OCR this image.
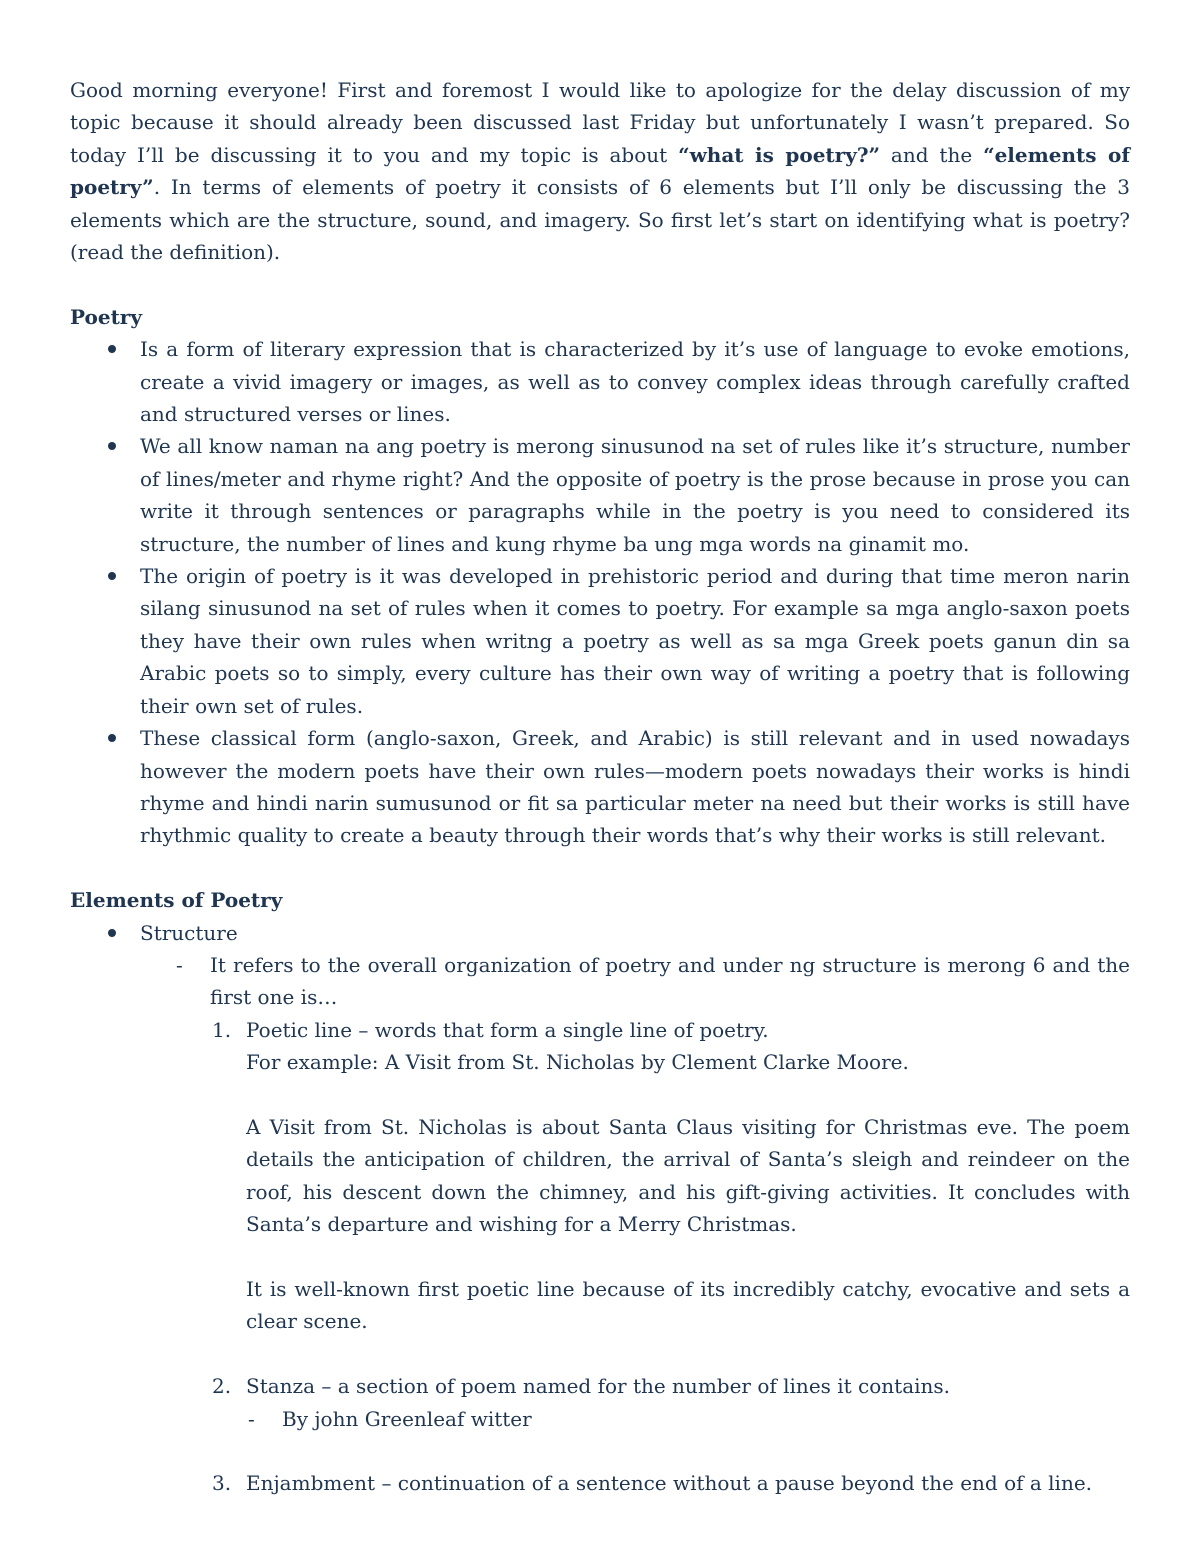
Good morning everyone! First and foremost I would like to apologize for the delay discussion of my topic because it should already been discussed last Friday but unfortunately I wasn’t prepared. So today I’ll be discussing it to you and my topic is about “what is poetry?” and the “elements of poetry”. In terms of elements of poetry it consists of 6 elements but I’ll only be discussing the 3 elements which are the structure, sound, and imagery. So first let’s start on identifying what is poetry? (read the definition).

Poetry
Is a form of literary expression that is characterized by it’s use of language to evoke emotions, create a vivid imagery or images, as well as to convey complex ideas through carefully crafted and structured verses or lines.
We all know naman na ang poetry is merong sinusunod na set of rules like it’s structure, number of lines/meter and rhyme right? And the opposite of poetry is the prose because in prose you can write it through sentences or paragraphs while in the poetry is you need to considered its structure, the number of lines and kung rhyme ba ung mga words na ginamit mo.
The origin of poetry is it was developed in prehistoric period and during that time meron narin silang sinusunod na set of rules when it comes to poetry. For example sa mga anglo-saxon poets they have their own rules when writng a poetry as well as sa mga Greek poets ganun din sa Arabic poets so to simply, every culture has their own way of writing a poetry that is following their own set of rules.
These classical form (anglo-saxon, Greek, and Arabic) is still relevant and in used nowadays however the modern poets have their own rules—modern poets nowadays their works is hindi rhyme and hindi narin sumusunod or fit sa particular meter na need but their works is still have rhythmic quality to create a beauty through their words that’s why their works is still relevant.
Elements of Poetry
Structure
- It refers to the overall organization of poetry and under ng structure is merong 6 and the first one is…
1. Poetic line – words that form a single line of poetry.
For example: A Visit from St. Nicholas by Clement Clarke Moore.
A Visit from St. Nicholas is about Santa Claus visiting for Christmas eve. The poem details the anticipation of children, the arrival of Santa’s sleigh and reindeer on the roof, his descent down the chimney, and his gift-giving activities. It concludes with Santa’s departure and wishing for a Merry Christmas.
It is well-known first poetic line because of its incredibly catchy, evocative and sets a clear scene.
2. Stanza – a section of poem named for the number of lines it contains.
- By john Greenleaf witter
3. Enjambment – continuation of a sentence without a pause beyond the end of a line.
